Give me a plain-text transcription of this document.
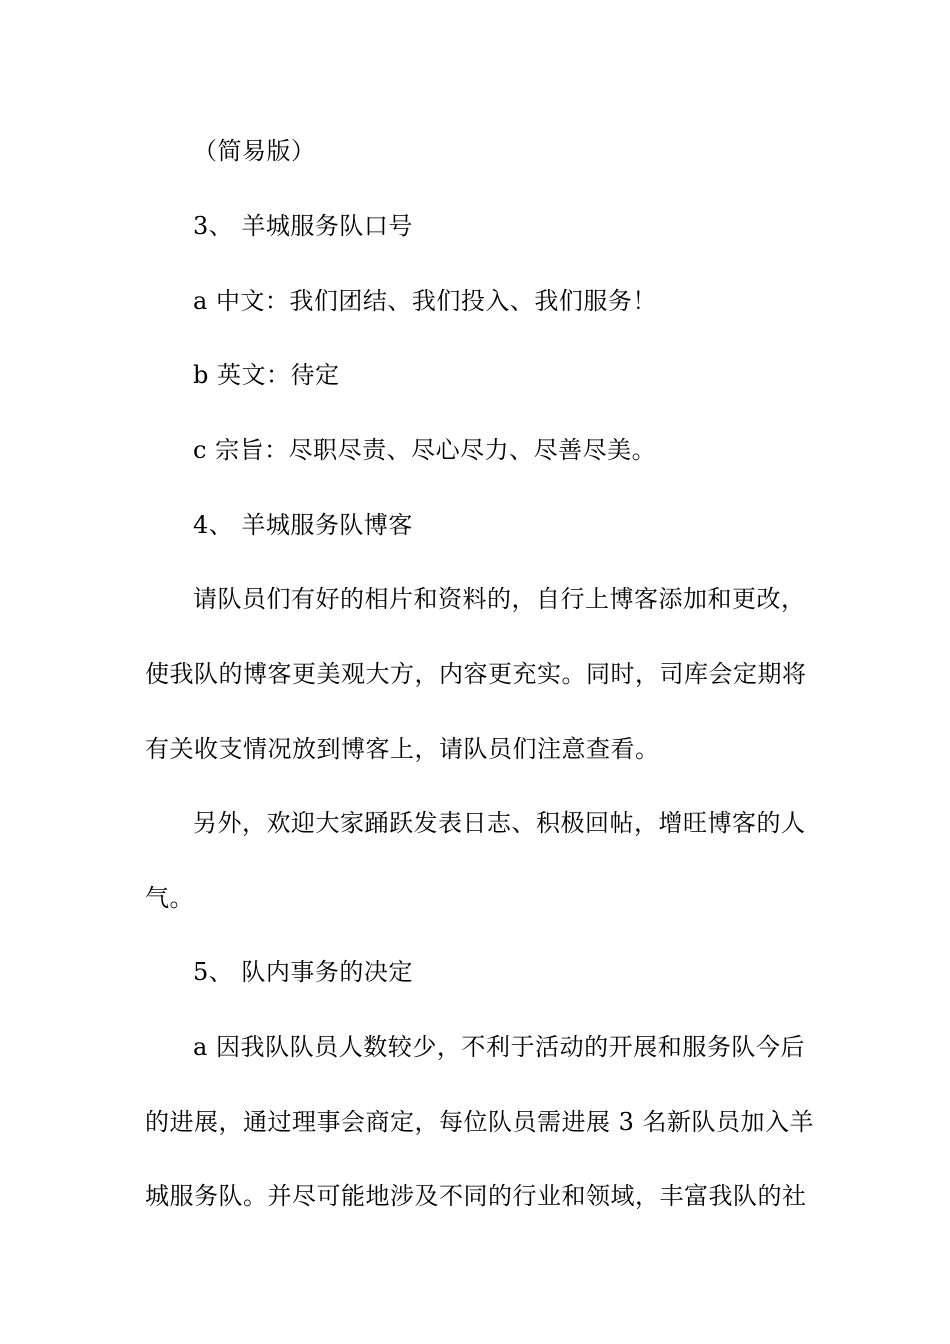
（简易版）
3、 羊城服务队口号
a 中文：我们团结、我们投入、我们服务！
b 英文：待定
c 宗旨：尽职尽责、尽心尽力、尽善尽美。
4、 羊城服务队博客
请队员们有好的相片和资料的，自行上博客添加和更改，
使我队的博客更美观大方，内容更充实。同时，司库会定期将
有关收支情况放到博客上，请队员们注意查看。
另外，欢迎大家踊跃发表日志、积极回帖，增旺博客的人
气。
5、 队内事务的决定
a 因我队队员人数较少，不利于活动的开展和服务队今后
的进展，通过理事会商定，每位队员需进展 3 名新队员加入羊
城服务队。并尽可能地涉及不同的行业和领域，丰富我队的社
